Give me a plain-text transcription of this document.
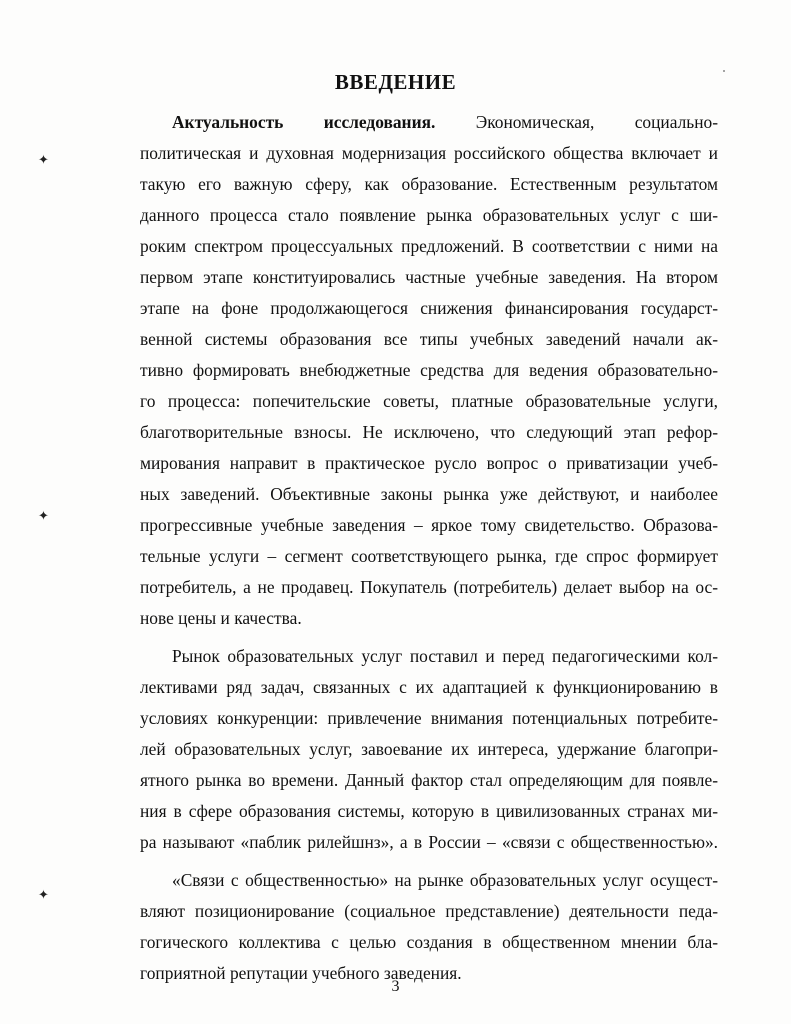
ВВЕДЕНИЕ
✦
✦
✦
Актуальность исследования. Экономическая, социально-
политическая и духовная модернизация российского общества включает и
такую его важную сферу, как образование. Естественным результатом
данного процесса стало появление рынка образовательных услуг с ши-
роким спектром процессуальных предложений. В соответствии с ними на
первом этапе конституировались частные учебные заведения. На втором
этапе на фоне продолжающегося снижения финансирования государст-
венной системы образования все типы учебных заведений начали ак-
тивно формировать внебюджетные средства для ведения образовательно-
го процесса: попечительские советы, платные образовательные услуги,
благотворительные взносы. Не исключено, что следующий этап рефор-
мирования направит в практическое русло вопрос о приватизации учеб-
ных заведений. Объективные законы рынка уже действуют, и наиболее
прогрессивные учебные заведения – яркое тому свидетельство. Образова-
тельные услуги – сегмент соответствующего рынка, где спрос формирует
потребитель, а не продавец. Покупатель (потребитель) делает выбор на ос-
нове цены и качества.
Рынок образовательных услуг поставил и перед педагогическими кол-
лективами ряд задач, связанных с их адаптацией к функционированию в
условиях конкуренции: привлечение внимания потенциальных потребите-
лей образовательных услуг, завоевание их интереса, удержание благопри-
ятного рынка во времени. Данный фактор стал определяющим для появле-
ния в сфере образования системы, которую в цивилизованных странах ми-
ра называют «паблик рилейшнз», а в России – «связи с общественностью».
«Связи с общественностью» на рынке образовательных услуг осущест-
вляют позиционирование (социальное представление) деятельности педа-
гогического коллектива с целью создания в общественном мнении бла-
гоприятной репутации учебного заведения.
3
